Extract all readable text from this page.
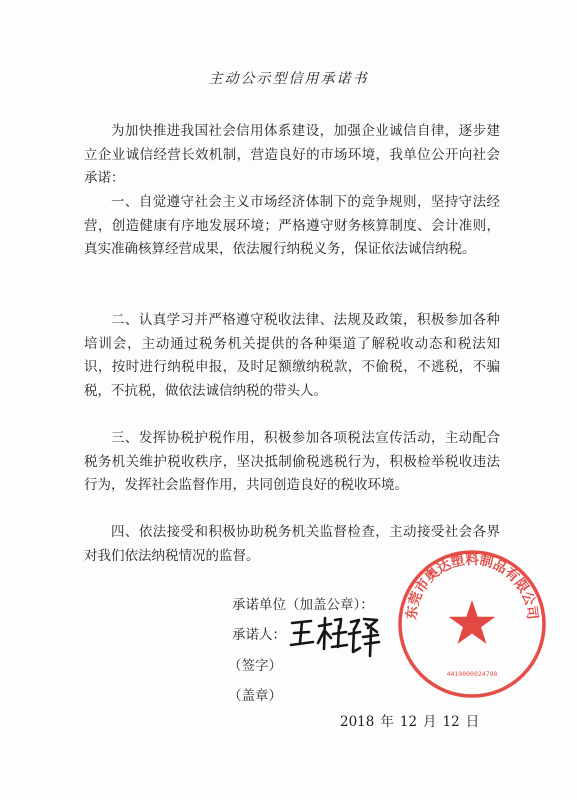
主动公示型信用承诺书

为加快推进我国社会信用体系建设，加强企业诚信自律，逐步建立企业诚信经营长效机制，营造良好的市场环境，我单位公开向社会承诺：

一、自觉遵守社会主义市场经济体制下的竞争规则，坚持守法经营，创造健康有序地发展环境；严格遵守财务核算制度、会计准则，真实准确核算经营成果，依法履行纳税义务，保证依法诚信纳税。

二、认真学习并严格遵守税收法律、法规及政策，积极参加各种培训会，主动通过税务机关提供的各种渠道了解税收动态和税法知识，按时进行纳税申报，及时足额缴纳税款，不偷税，不逃税，不骗税，不抗税，做依法诚信纳税的带头人。

三、发挥协税护税作用，积极参加各项税法宣传活动，主动配合税务机关维护税收秩序，坚决抵制偷税逃税行为，积极检举税收违法行为，发挥社会监督作用，共同创造良好的税收环境。

四、依法接受和积极协助税务机关监督检查，主动接受社会各界对我们依法纳税情况的监督。

承诺单位（加盖公章）：
承诺人：
（签字）
（盖章）
东莞市奥达塑料制品有限公司
4419000024798
2018 年 12 月 12 日
